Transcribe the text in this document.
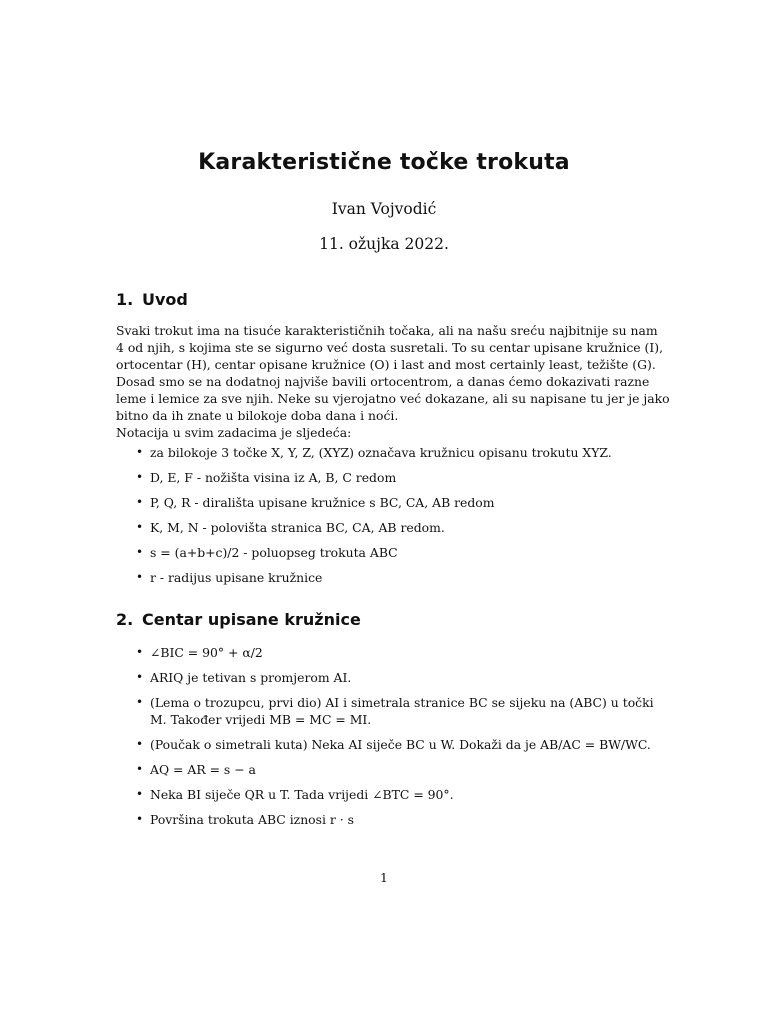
Karakteristične točke trokuta
Ivan Vojvodić
11. ožujka 2022.
1. Uvod
Svaki trokut ima na tisuće karakterističnih točaka, ali na našu sreću najbitnije su nam
4 od njih, s kojima ste se sigurno već dosta susretali. To su centar upisane kružnice (I),
ortocentar (H), centar opisane kružnice (O) i last and most certainly least, težište (G).
Dosad smo se na dodatnoj najviše bavili ortocentrom, a danas ćemo dokazivati razne
leme i lemice za sve njih. Neke su vjerojatno već dokazane, ali su napisane tu jer je jako
bitno da ih znate u bilokoje doba dana i noći.
Notacija u svim zadacima je sljedeća:
• za bilokoje 3 točke X, Y, Z, (XYZ) označava kružnicu opisanu trokutu XYZ.
• D, E, F - nožišta visina iz A, B, C redom
• P, Q, R - dirališta upisane kružnice s BC, CA, AB redom
• K, M, N - polovišta stranica BC, CA, AB redom.
• s = (a+b+c)/2 - poluopseg trokuta ABC
• r - radijus upisane kružnice
2. Centar upisane kružnice
• ∠BIC = 90° + α/2
• ARIQ je tetivan s promjerom AI.
• (Lema o trozupcu, prvi dio) AI i simetrala stranice BC se sijeku na (ABC) u točki M. Također vrijedi MB = MC = MI.
• (Poučak o simetrali kuta) Neka AI siječe BC u W. Dokaži da je AB/AC = BW/WC.
• AQ = AR = s − a
• Neka BI siječe QR u T. Tada vrijedi ∠BTC = 90°.
• Površina trokuta ABC iznosi r · s
1
